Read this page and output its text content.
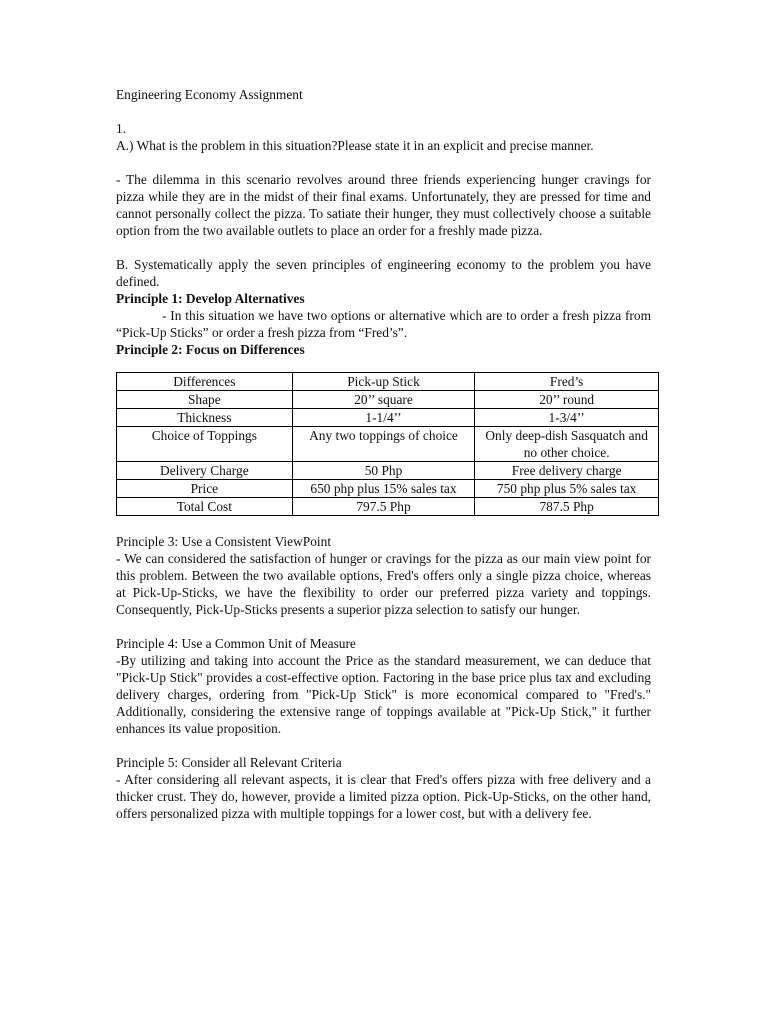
Engineering Economy Assignment

1.

A.) What is the problem in this situation?Please state it in an explicit and precise manner.

- The dilemma in this scenario revolves around three friends experiencing hunger cravings for pizza while they are in the midst of their final exams. Unfortunately, they are pressed for time and cannot personally collect the pizza. To satiate their hunger, they must collectively choose a suitable option from the two available outlets to place an order for a freshly made pizza.

B. Systematically apply the seven principles of engineering economy to the problem you have defined.

Principle 1: Develop Alternatives

- In this situation we have two options or alternative which are to order a fresh pizza from “Pick-Up Sticks” or order a fresh pizza from “Fred’s”.

Principle 2: Focus on Differences

Differences	Pick-up Stick	Fred’s
Shape	20’’ square	20’’ round
Thickness	1-1/4’’	1-3/4’’
Choice of Toppings	Any two toppings of choice	Only deep-dish Sasquatch and no other choice.
Delivery Charge	50 Php	Free delivery charge
Price	650 php plus 15% sales tax	750 php plus 5% sales tax
Total Cost	797.5 Php	787.5 Php

Principle 3: Use a Consistent ViewPoint

- We can considered the satisfaction of hunger or cravings for the pizza as our main view point for this problem. Between the two available options, Fred's offers only a single pizza choice, whereas at Pick-Up-Sticks, we have the flexibility to order our preferred pizza variety and toppings. Consequently, Pick-Up-Sticks presents a superior pizza selection to satisfy our hunger.

Principle 4: Use a Common Unit of Measure

-By utilizing and taking into account the Price as the standard measurement, we can deduce that "Pick-Up Stick" provides a cost-effective option. Factoring in the base price plus tax and excluding delivery charges, ordering from "Pick-Up Stick" is more economical compared to "Fred's." Additionally, considering the extensive range of toppings available at "Pick-Up Stick," it further enhances its value proposition.

Principle 5: Consider all Relevant Criteria

- After considering all relevant aspects, it is clear that Fred's offers pizza with free delivery and a thicker crust. They do, however, provide a limited pizza option. Pick-Up-Sticks, on the other hand, offers personalized pizza with multiple toppings for a lower cost, but with a delivery fee.
